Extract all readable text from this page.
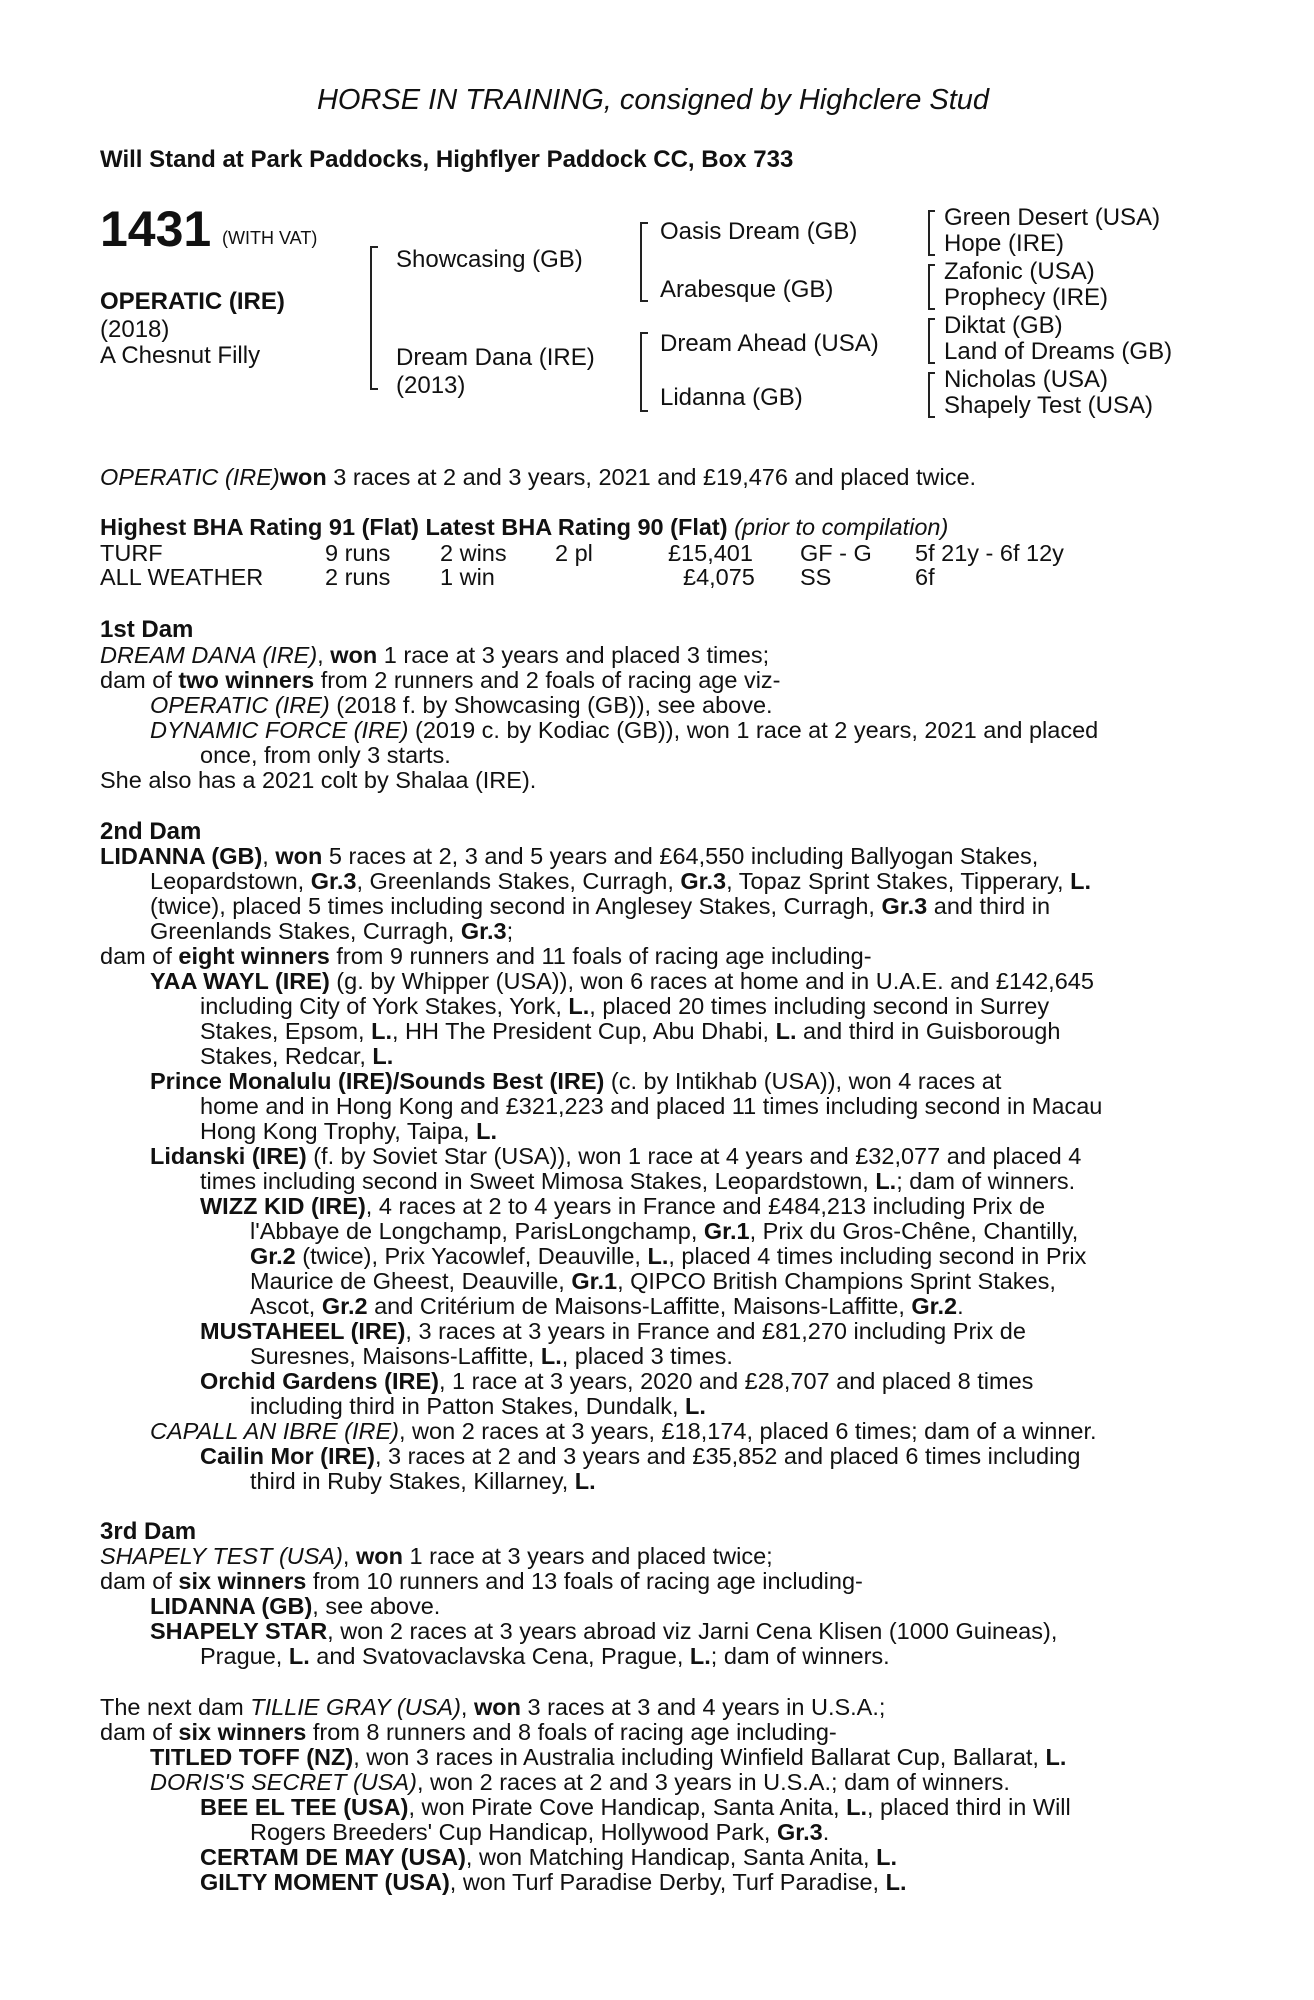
HORSE IN TRAINING, consigned by Highclere Stud
Will Stand at Park Paddocks, Highflyer Paddock CC, Box 733
1431 (WITH VAT)
OPERATIC (IRE)
(2018)
A Chesnut Filly
Showcasing (GB)
Dream Dana (IRE)
(2013)
Oasis Dream (GB)
Arabesque (GB)
Dream Ahead (USA)
Lidanna (GB)
Green Desert (USA)
Hope (IRE)
Zafonic (USA)
Prophecy (IRE)
Diktat (GB)
Land of Dreams (GB)
Nicholas (USA)
Shapely Test (USA)
OPERATIC (IRE)won 3 races at 2 and 3 years, 2021 and £19,476 and placed twice.
Highest BHA Rating 91 (Flat) Latest BHA Rating 90 (Flat) (prior to compilation)
TURF	9 runs 2 wins 2 pl	£15,401 GF - G 5f 21y - 6f 12y
ALL WEATHER	2 runs 1 win	£4,075 SS	6f
1st Dam
DREAM DANA (IRE), won 1 race at 3 years and placed 3 times;
dam of two winners from 2 runners and 2 foals of racing age viz-
OPERATIC (IRE) (2018 f. by Showcasing (GB)), see above.
DYNAMIC FORCE (IRE) (2019 c. by Kodiac (GB)), won 1 race at 2 years, 2021 and placed
once, from only 3 starts.
She also has a 2021 colt by Shalaa (IRE).
2nd Dam
LIDANNA (GB), won 5 races at 2, 3 and 5 years and £64,550 including Ballyogan Stakes,
Leopardstown, Gr.3, Greenlands Stakes, Curragh, Gr.3, Topaz Sprint Stakes, Tipperary, L.
(twice), placed 5 times including second in Anglesey Stakes, Curragh, Gr.3 and third in
Greenlands Stakes, Curragh, Gr.3;
dam of eight winners from 9 runners and 11 foals of racing age including-
YAA WAYL (IRE) (g. by Whipper (USA)), won 6 races at home and in U.A.E. and £142,645
including City of York Stakes, York, L., placed 20 times including second in Surrey
Stakes, Epsom, L., HH The President Cup, Abu Dhabi, L. and third in Guisborough
Stakes, Redcar, L.
Prince Monalulu (IRE)/Sounds Best (IRE) (c. by Intikhab (USA)), won 4 races at
home and in Hong Kong and £321,223 and placed 11 times including second in Macau
Hong Kong Trophy, Taipa, L.
Lidanski (IRE) (f. by Soviet Star (USA)), won 1 race at 4 years and £32,077 and placed 4
times including second in Sweet Mimosa Stakes, Leopardstown, L.; dam of winners.
WIZZ KID (IRE), 4 races at 2 to 4 years in France and £484,213 including Prix de
l'Abbaye de Longchamp, ParisLongchamp, Gr.1, Prix du Gros-Chêne, Chantilly,
Gr.2 (twice), Prix Yacowlef, Deauville, L., placed 4 times including second in Prix
Maurice de Gheest, Deauville, Gr.1, QIPCO British Champions Sprint Stakes,
Ascot, Gr.2 and Critérium de Maisons-Laffitte, Maisons-Laffitte, Gr.2.
MUSTAHEEL (IRE), 3 races at 3 years in France and £81,270 including Prix de
Suresnes, Maisons-Laffitte, L., placed 3 times.
Orchid Gardens (IRE), 1 race at 3 years, 2020 and £28,707 and placed 8 times
including third in Patton Stakes, Dundalk, L.
CAPALL AN IBRE (IRE), won 2 races at 3 years, £18,174, placed 6 times; dam of a winner.
Cailin Mor (IRE), 3 races at 2 and 3 years and £35,852 and placed 6 times including
third in Ruby Stakes, Killarney, L.
3rd Dam
SHAPELY TEST (USA), won 1 race at 3 years and placed twice;
dam of six winners from 10 runners and 13 foals of racing age including-
LIDANNA (GB), see above.
SHAPELY STAR, won 2 races at 3 years abroad viz Jarni Cena Klisen (1000 Guineas),
Prague, L. and Svatovaclavska Cena, Prague, L.; dam of winners.
The next dam TILLIE GRAY (USA), won 3 races at 3 and 4 years in U.S.A.;
dam of six winners from 8 runners and 8 foals of racing age including-
TITLED TOFF (NZ), won 3 races in Australia including Winfield Ballarat Cup, Ballarat, L.
DORIS'S SECRET (USA), won 2 races at 2 and 3 years in U.S.A.; dam of winners.
BEE EL TEE (USA), won Pirate Cove Handicap, Santa Anita, L., placed third in Will
Rogers Breeders' Cup Handicap, Hollywood Park, Gr.3.
CERTAM DE MAY (USA), won Matching Handicap, Santa Anita, L.
GILTY MOMENT (USA), won Turf Paradise Derby, Turf Paradise, L.
